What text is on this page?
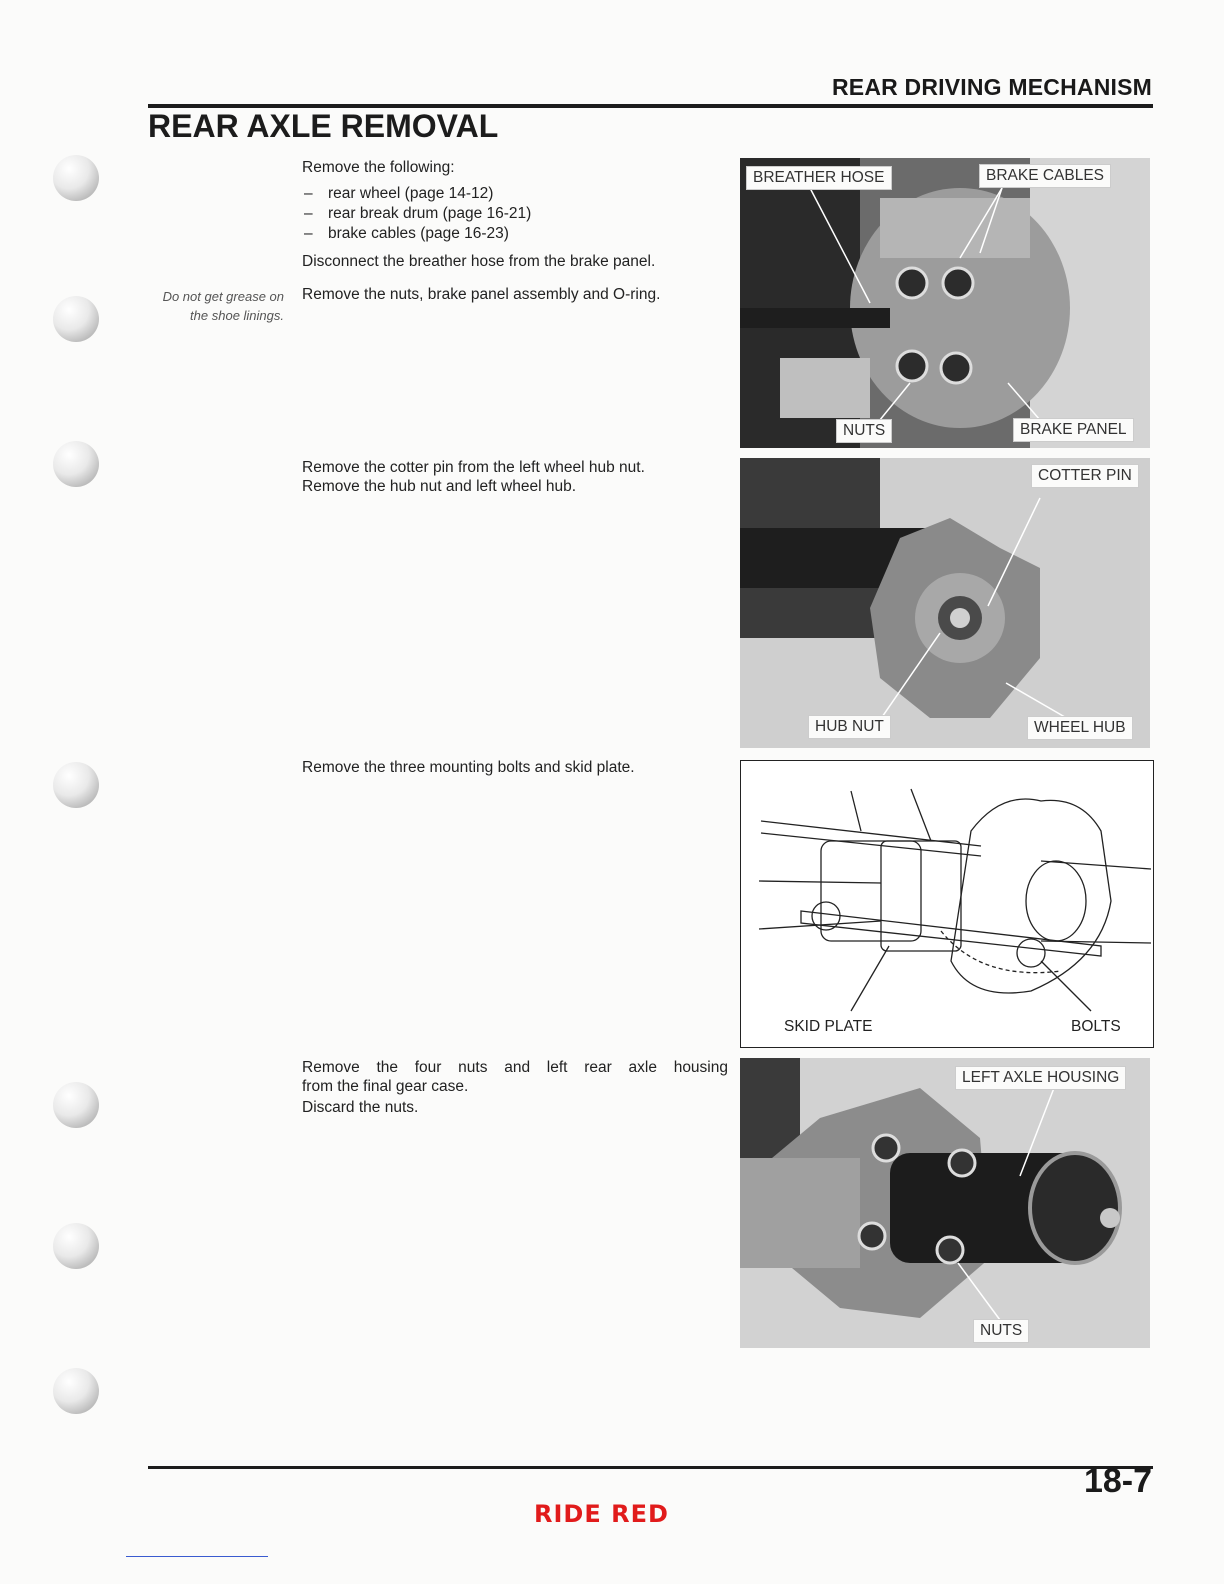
REAR DRIVING MECHANISM
REAR AXLE REMOVAL
Remove the following:
– rear wheel (page 14-12)
– rear break drum (page 16-21)
– brake cables (page 16-23)
Disconnect the breather hose from the brake panel.
Remove the nuts, brake panel assembly and O-ring.
Do not get grease on the shoe linings.
BREATHER HOSE	BRAKE CABLES
NUTS	BRAKE PANEL
Remove the cotter pin from the left wheel hub nut.
Remove the hub nut and left wheel hub.
COTTER PIN
HUB NUT	WHEEL HUB
Remove the three mounting bolts and skid plate.
SKID PLATE	BOLTS
Remove the four nuts and left rear axle housing
from the final gear case.
Discard the nuts.
LEFT AXLE HOUSING
NUTS
18-7
RIDE RED
